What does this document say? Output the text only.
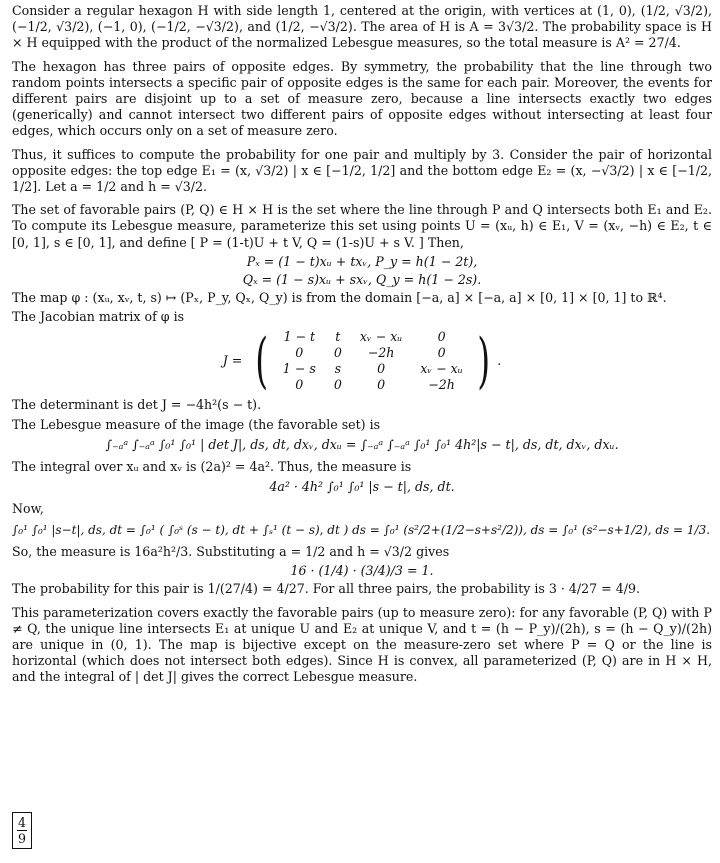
Consider a regular hexagon H with side length 1, centered at the origin, with vertices at (1, 0), (1/2, √3/2), (−1/2, √3/2), (−1, 0), (−1/2, −√3/2), and (1/2, −√3/2). The area of H is A = 3√3/2. The probability space is H × H equipped with the product of the normalized Lebesgue measures, so the total measure is A² = 27/4.

The hexagon has three pairs of opposite edges. By symmetry, the probability that the line through two random points intersects a specific pair of opposite edges is the same for each pair. Moreover, the events for different pairs are disjoint up to a set of measure zero, because a line intersects exactly two edges (generically) and cannot intersect two different pairs of opposite edges without intersecting at least four edges, which occurs only on a set of measure zero.

Thus, it suffices to compute the probability for one pair and multiply by 3. Consider the pair of horizontal opposite edges: the top edge E₁ = (x, √3/2) | x ∈ [−1/2, 1/2] and the bottom edge E₂ = (x, −√3/2) | x ∈ [−1/2, 1/2]. Let a = 1/2 and h = √3/2.

The set of favorable pairs (P, Q) ∈ H × H is the set where the line through P and Q intersects both E₁ and E₂. To compute its Lebesgue measure, parameterize this set using points U = (xᵤ, h) ∈ E₁, V = (xᵥ, −h) ∈ E₂, t ∈ [0, 1], s ∈ [0, 1], and define [ P = (1-t)U + t V, Q = (1-s)U + s V. ] Then,

Pₓ = (1 − t)xᵤ + txᵥ, P_y = h(1 − 2t),
Qₓ = (1 − s)xᵤ + sxᵥ, Q_y = h(1 − 2s).

The map φ : (xᵤ, xᵥ, t, s) ↦ (Pₓ, P_y, Qₓ, Q_y) is from the domain [−a, a] × [−a, a] × [0, 1] × [0, 1] to ℝ⁴.

The Jacobian matrix of φ is

J = ( 1 − t	t	xᵥ − xᵤ	0
0	0	−2h	0
1 − s	s	0	xᵥ − xᵤ
0	0	0	−2h ) .

The determinant is det J = −4h²(s − t).

The Lebesgue measure of the image (the favorable set) is

∫₋ₐᵃ ∫₋ₐᵃ ∫₀¹ ∫₀¹ | det J|, ds, dt, dxᵥ, dxᵤ = ∫₋ₐᵃ ∫₋ₐᵃ ∫₀¹ ∫₀¹ 4h²|s − t|, ds, dt, dxᵥ, dxᵤ.

The integral over xᵤ and xᵥ is (2a)² = 4a². Thus, the measure is

4a² · 4h² ∫₀¹ ∫₀¹ |s − t|, ds, dt.

Now,

∫₀¹ ∫₀¹ |s−t|, ds, dt = ∫₀¹ ( ∫₀ˢ (s − t), dt + ∫ₛ¹ (t − s), dt ) ds = ∫₀¹ (s²/2+(1/2−s+s²/2)), ds = ∫₀¹ (s²−s+1/2), ds = 1/3.

So, the measure is 16a²h²/3. Substituting a = 1/2 and h = √3/2 gives

16 · (1/4) · (3/4)/3 = 1.

The probability for this pair is 1/(27/4) = 4/27. For all three pairs, the probability is 3 · 4/27 = 4/9.

This parameterization covers exactly the favorable pairs (up to measure zero): for any favorable (P, Q) with P ≠ Q, the unique line intersects E₁ at unique U and E₂ at unique V, and t = (h − P_y)/(2h), s = (h − Q_y)/(2h) are unique in (0, 1). The map is bijective except on the measure-zero set where P = Q or the line is horizontal (which does not intersect both edges). Since H is convex, all parameterized (P, Q) are in H × H, and the integral of | det J| gives the correct Lebesgue measure.

$\frac{4}{9}$
